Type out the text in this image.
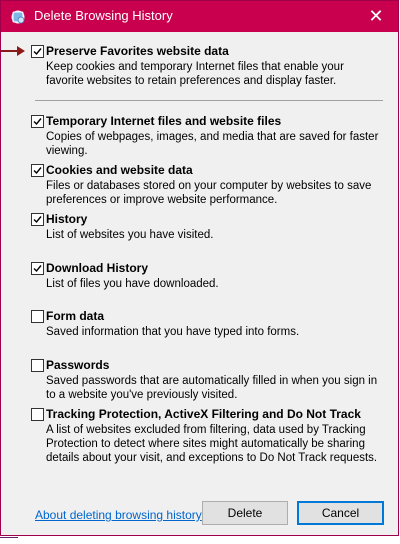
Delete Browsing History	✕
Preserve Favorites website data
Keep cookies and temporary Internet files that enable your favorite websites to retain preferences and display faster.
Temporary Internet files and website files
Copies of webpages, images, and media that are saved for faster viewing.
Cookies and website data
Files or databases stored on your computer by websites to save preferences or improve website performance.
History
List of websites you have visited.
Download History
List of files you have downloaded.
Form data
Saved information that you have typed into forms.
Passwords
Saved passwords that are automatically filled in when you sign in to a website you've previously visited.
Tracking Protection, ActiveX Filtering and Do Not Track
A list of websites excluded from filtering, data used by Tracking Protection to detect where sites might automatically be sharing details about your visit, and exceptions to Do Not Track requests.
About deleting browsing history	Delete	Cancel
